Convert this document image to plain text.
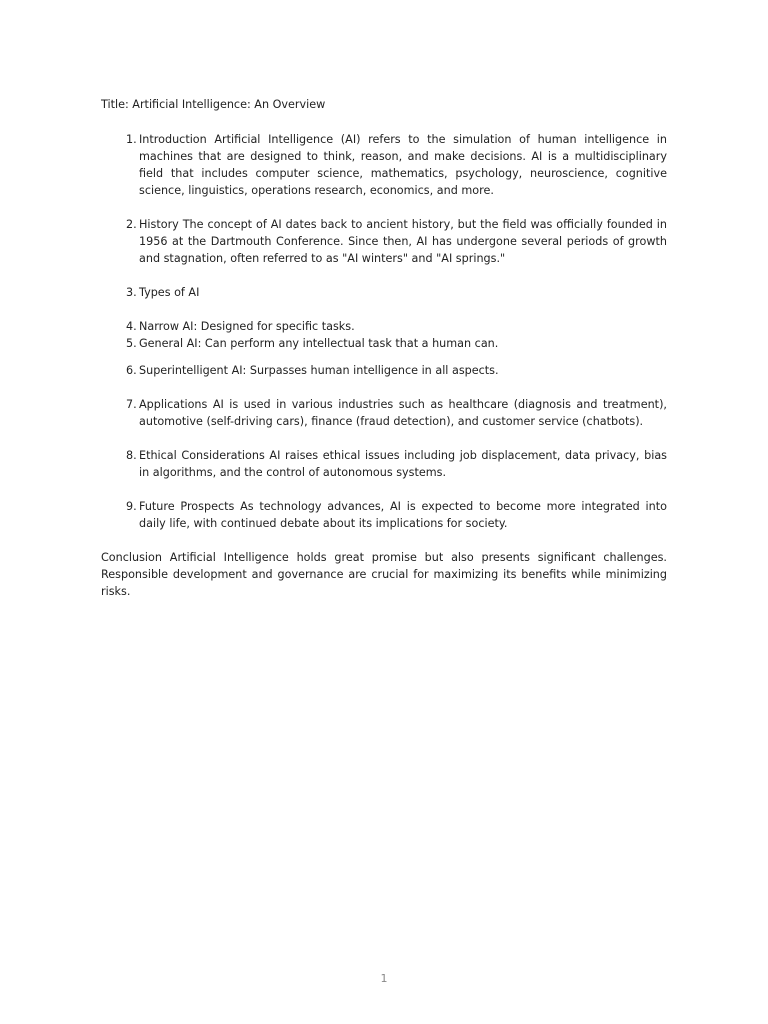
Title: Artificial Intelligence: An Overview

1. Introduction Artificial Intelligence (AI) refers to the simulation of human intelligence in machines that are designed to think, reason, and make decisions. AI is a multidisciplinary field that includes computer science, mathematics, psychology, neuroscience, cognitive science, linguistics, operations research, economics, and more.
2. History The concept of AI dates back to ancient history, but the field was officially founded in 1956 at the Dartmouth Conference. Since then, AI has undergone several periods of growth and stagnation, often referred to as "AI winters" and "AI springs."
3. Types of AI
4. Narrow AI: Designed for specific tasks.
5. General AI: Can perform any intellectual task that a human can.
6. Superintelligent AI: Surpasses human intelligence in all aspects.
7. Applications AI is used in various industries such as healthcare (diagnosis and treatment), automotive (self-driving cars), finance (fraud detection), and customer service (chatbots).
8. Ethical Considerations AI raises ethical issues including job displacement, data privacy, bias in algorithms, and the control of autonomous systems.
9. Future Prospects As technology advances, AI is expected to become more integrated into daily life, with continued debate about its implications for society.

Conclusion Artificial Intelligence holds great promise but also presents significant challenges. Responsible development and governance are crucial for maximizing its benefits while minimizing risks.

1
